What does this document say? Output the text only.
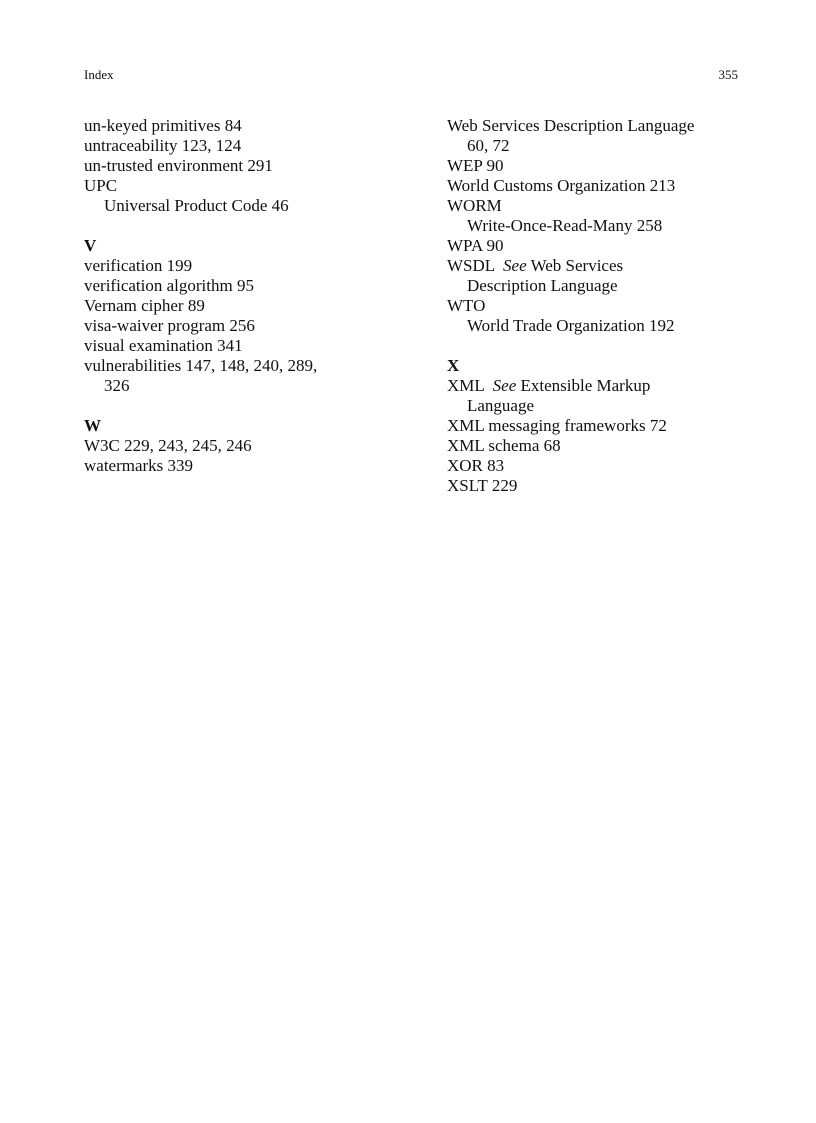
Index	355
un-keyed primitives 84
untraceability 123, 124
un-trusted environment 291
UPC
Universal Product Code 46
V
verification 199
verification algorithm 95
Vernam cipher 89
visa-waiver program 256
visual examination 341
vulnerabilities 147, 148, 240, 289,
326
W
W3C 229, 243, 245, 246
watermarks 339
Web Services Description Language
60, 72
WEP 90
World Customs Organization 213
WORM
Write-Once-Read-Many 258
WPA 90
WSDL  See Web Services
Description Language
WTO
World Trade Organization 192
X
XML  See Extensible Markup
Language
XML messaging frameworks 72
XML schema 68
XOR 83
XSLT 229
